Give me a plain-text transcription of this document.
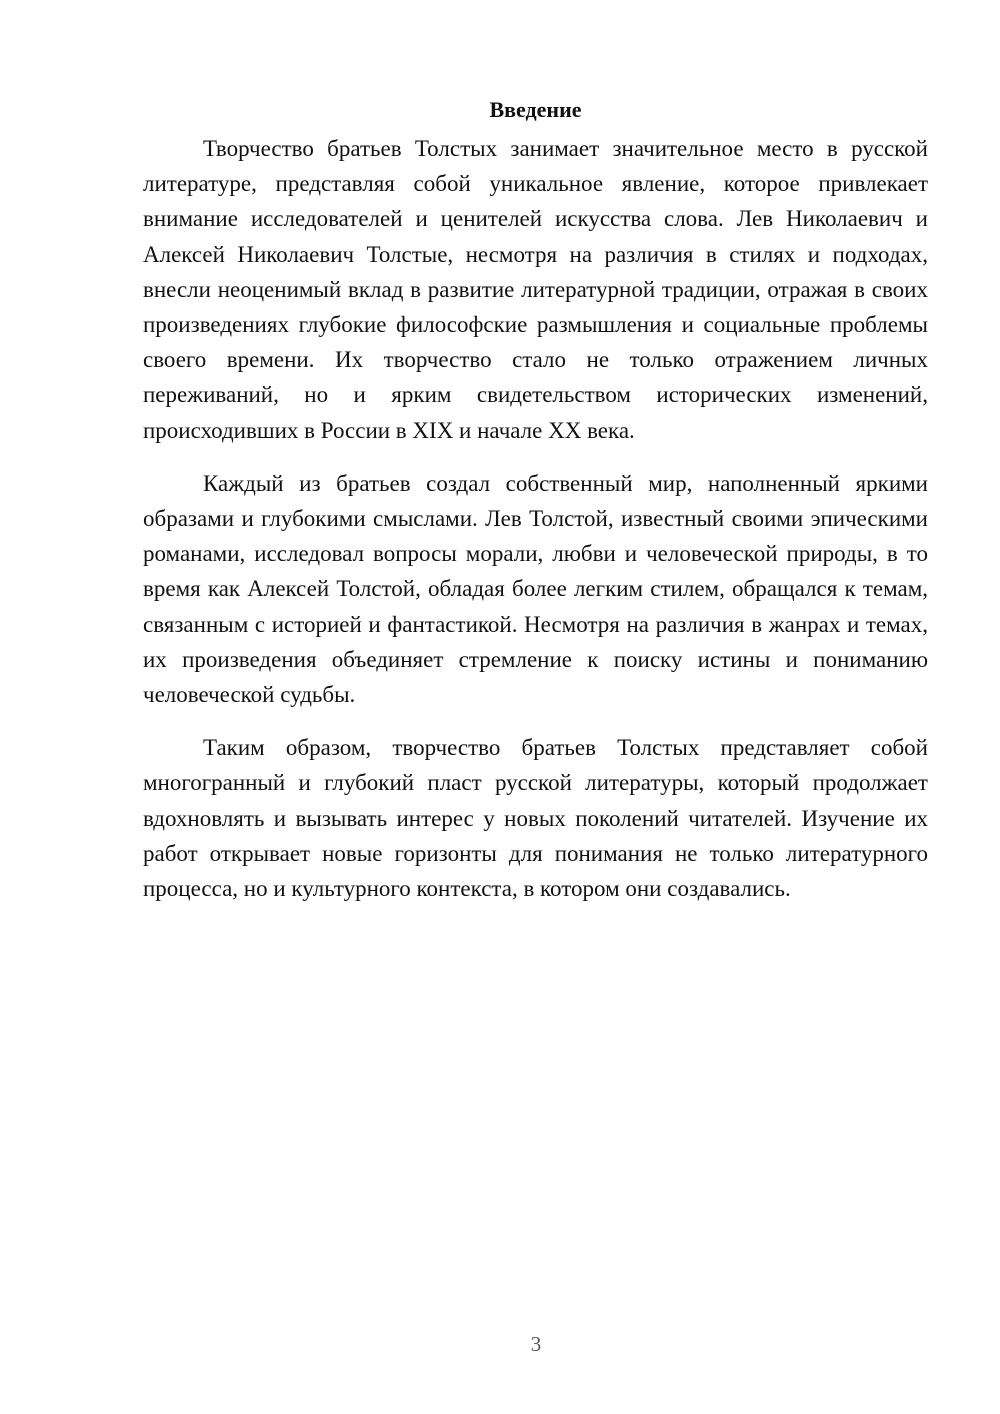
Введение

Творчество братьев Толстых занимает значительное место в русской литературе, представляя собой уникальное явление, которое привлекает внимание исследователей и ценителей искусства слова. Лев Николаевич и Алексей Николаевич Толстые, несмотря на различия в стилях и подходах, внесли неоценимый вклад в развитие литературной традиции, отражая в своих произведениях глубокие философские размышления и социальные проблемы своего времени. Их творчество стало не только отражением личных переживаний, но и ярким свидетельством исторических изменений, происходивших в России в XIX и начале XX века.

Каждый из братьев создал собственный мир, наполненный яркими образами и глубокими смыслами. Лев Толстой, известный своими эпическими романами, исследовал вопросы морали, любви и человеческой природы, в то время как Алексей Толстой, обладая более легким стилем, обращался к темам, связанным с историей и фантастикой. Несмотря на различия в жанрах и темах, их произведения объединяет стремление к поиску истины и пониманию человеческой судьбы.

Таким образом, творчество братьев Толстых представляет собой многогранный и глубокий пласт русской литературы, который продолжает вдохновлять и вызывать интерес у новых поколений читателей. Изучение их работ открывает новые горизонты для понимания не только литературного процесса, но и культурного контекста, в котором они создавались.

3
